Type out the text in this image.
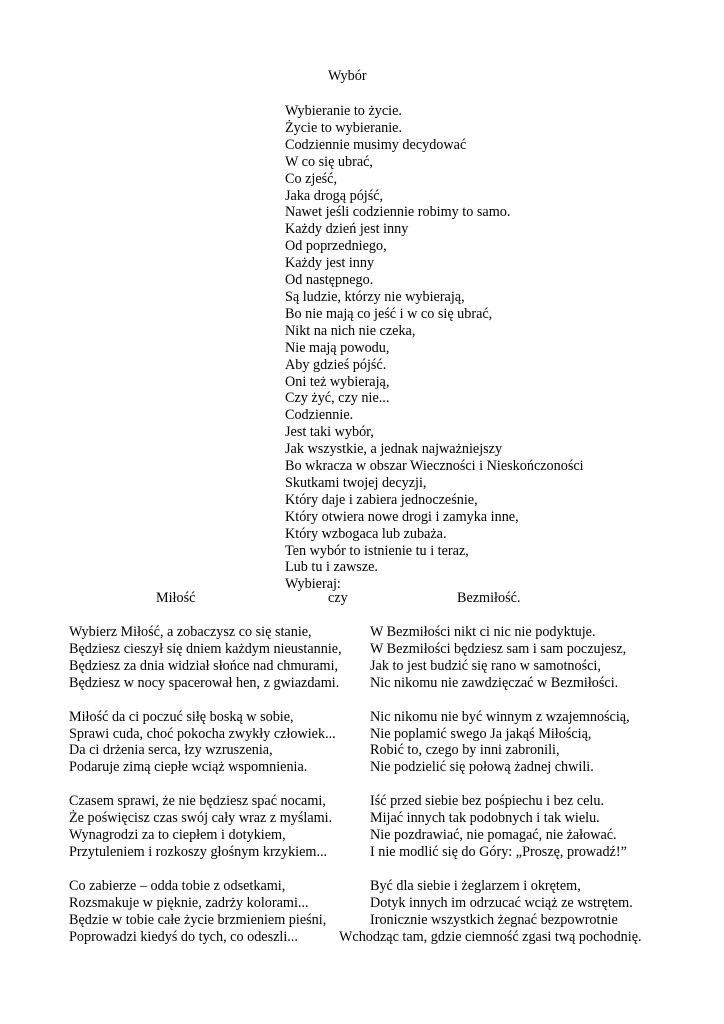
Wybór
Wybieranie to życie.
Życie to wybieranie.
Codziennie musimy decydować
W co się ubrać,
Co zjeść,
Jaka drogą pójść,
Nawet jeśli codziennie robimy to samo.
Każdy dzień jest inny
Od poprzedniego,
Każdy jest inny
Od następnego.
Są ludzie, którzy nie wybierają,
Bo nie mają co jeść i w co się ubrać,
Nikt na nich nie czeka,
Nie mają powodu,
Aby gdzieś pójść.
Oni też wybierają,
Czy żyć, czy nie...
Codziennie.
Jest taki wybór,
Jak wszystkie, a jednak najważniejszy
Bo wkracza w obszar Wieczności i Nieskończoności
Skutkami twojej decyzji,
Który daje i zabiera jednocześnie,
Który otwiera nowe drogi i zamyka inne,
Który wzbogaca lub zubaża.
Ten wybór to istnienie tu i teraz,
Lub tu i zawsze.
Wybieraj:
Miłość	czy	Bezmiłość.
Wybierz Miłość, a zobaczysz co się stanie,
Będziesz cieszył się dniem każdym nieustannie,
Będziesz za dnia widział słońce nad chmurami,
Będziesz w nocy spacerował hen, z gwiazdami.
Miłość da ci poczuć siłę boską w sobie,
Sprawi cuda, choć pokocha zwykły człowiek...
Da ci drżenia serca, łzy wzruszenia,
Podaruje zimą ciepłe wciąż wspomnienia.
Czasem sprawi, że nie będziesz spać nocami,
Że poświęcisz czas swój cały wraz z myślami.
Wynagrodzi za to ciepłem i dotykiem,
Przytuleniem i rozkoszy głośnym krzykiem...
Co zabierze – odda tobie z odsetkami,
Rozsmakuje w pięknie, zadrży kolorami...
Będzie w tobie całe życie brzmieniem pieśni,
Poprowadzi kiedyś do tych, co odeszli...
W Bezmiłości nikt ci nic nie podyktuje.
W Bezmiłości będziesz sam i sam poczujesz,
Jak to jest budzić się rano w samotności,
Nic nikomu nie zawdzięczać w Bezmiłości.
Nic nikomu nie być winnym z wzajemnością,
Nie poplamić swego Ja jakąś Miłością,
Robić to, czego by inni zabronili,
Nie podzielić się połową żadnej chwili.
Iść przed siebie bez pośpiechu i bez celu.
Mijać innych tak podobnych i tak wielu.
Nie pozdrawiać, nie pomagać, nie żałować.
I nie modlić się do Góry: „Proszę, prowadź!”
Być dla siebie i żeglarzem i okrętem,
Dotyk innych im odrzucać wciąż ze wstrętem.
Ironicznie wszystkich żegnać bezpowrotnie
Wchodząc tam, gdzie ciemność zgasi twą pochodnię.
